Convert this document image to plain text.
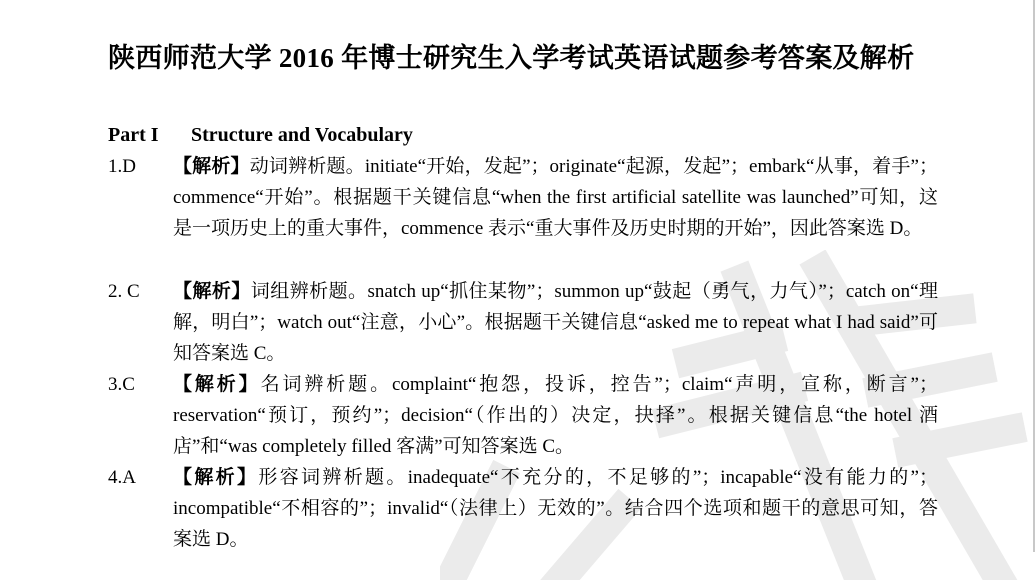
陕西师范大学 2016 年博士研究生入学考试英语试题参考答案及解析
Part I Structure and Vocabulary
1.D 【解析】动词辨析题。initiate“开始，发起”；originate“起源，发起”；embark“从事，着手”；commence“开始”。根据题干关键信息“when the first artificial satellite was launched”可知，这是一项历史上的重大事件，commence 表示“重大事件及历史时期的开始”，因此答案选 D。
2. C 【解析】词组辨析题。snatch up“抓住某物”；summon up“鼓起（勇气，力气）”；catch on“理解，明白”；watch out“注意，小心”。根据题干关键信息“asked me to repeat what I had said”可知答案选 C。
3.C 【解析】名词辨析题。complaint“抱怨，投诉，控告”；claim“声明，宣称，断言”；reservation“预订，预约”；decision“（作出的）决定，抉择”。根据关键信息“the hotel 酒店”和“was completely filled 客满”可知答案选 C。
4.A 【解析】形容词辨析题。inadequate“不充分的，不足够的”；incapable“没有能力的”；incompatible“不相容的”；invalid“（法律上）无效的”。结合四个选项和题干的意思可知，答案选 D。
